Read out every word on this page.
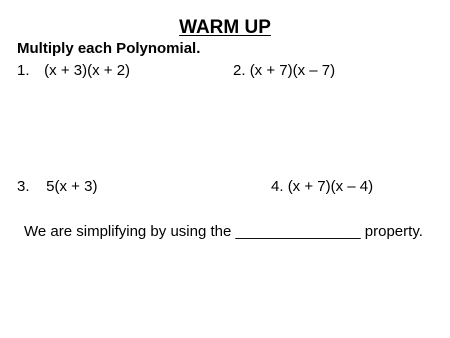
WARM UP
Multiply each Polynomial.
1. (x + 3)(x + 2)	2. (x + 7)(x – 7)
3. 5(x + 3)	4. (x + 7)(x – 4)
We are simplifying by using the _______________ property.
